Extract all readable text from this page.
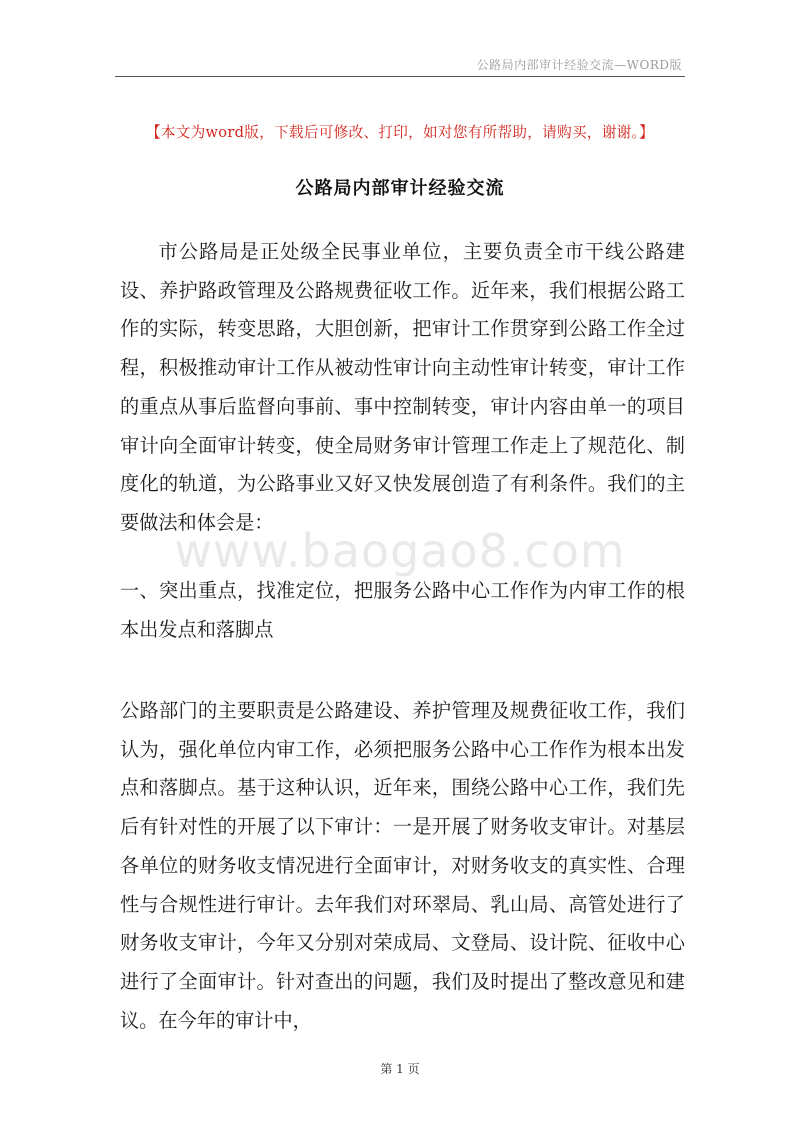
公路局内部审计经验交流—WORD版
【本文为word版，下载后可修改、打印，如对您有所帮助，请购买，谢谢。】
公路局内部审计经验交流

市公路局是正处级全民事业单位，主要负责全市干线公路建设、养护路政管理及公路规费征收工作。近年来，我们根据公路工作的实际，转变思路，大胆创新，把审计工作贯穿到公路工作全过程，积极推动审计工作从被动性审计向主动性审计转变，审计工作的重点从事后监督向事前、事中控制转变，审计内容由单一的项目审计向全面审计转变，使全局财务审计管理工作走上了规范化、制度化的轨道，为公路事业又好又快发展创造了有利条件。我们的主要做法和体会是：

www.baogao8.com

一、突出重点，找准定位，把服务公路中心工作作为内审工作的根本出发点和落脚点

公路部门的主要职责是公路建设、养护管理及规费征收工作，我们认为，强化单位内审工作，必须把服务公路中心工作作为根本出发点和落脚点。基于这种认识，近年来，围绕公路中心工作，我们先后有针对性的开展了以下审计：一是开展了财务收支审计。对基层各单位的财务收支情况进行全面审计，对财务收支的真实性、合理性与合规性进行审计。去年我们对环翠局、乳山局、高管处进行了财务收支审计，今年又分别对荣成局、文登局、设计院、征收中心进行了全面审计。针对查出的问题，我们及时提出了整改意见和建议。在今年的审计中，

第 1 页
